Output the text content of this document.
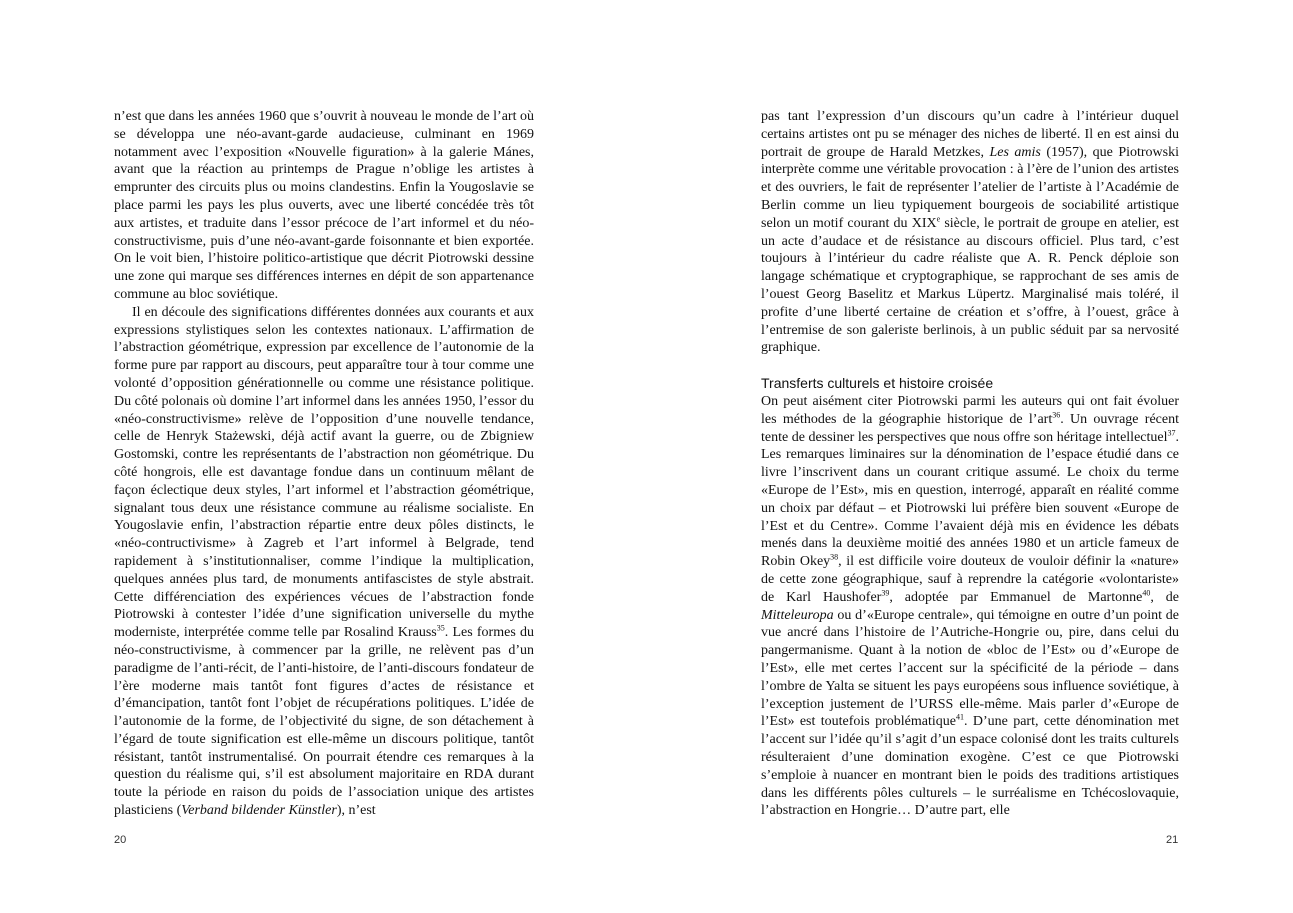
n’est que dans les années 1960 que s’ouvrit à nouveau le monde de l’art où se développa une néo-avant-garde audacieuse, culminant en 1969 notamment avec l’exposition «Nouvelle figuration» à la galerie Mánes, avant que la réaction au printemps de Prague n’oblige les artistes à emprunter des circuits plus ou moins clandestins. Enfin la Yougoslavie se place parmi les pays les plus ouverts, avec une liberté concédée très tôt aux artistes, et traduite dans l’essor précoce de l’art informel et du néo-constructivisme, puis d’une néo-avant-garde foisonnante et bien exportée. On le voit bien, l’histoire politico-artistique que décrit Piotrowski dessine une zone qui marque ses différences internes en dépit de son appartenance commune au bloc soviétique.

Il en découle des significations différentes données aux courants et aux expressions stylistiques selon les contextes nationaux. L’affirmation de l’abstraction géométrique, expression par excellence de l’autonomie de la forme pure par rapport au discours, peut apparaître tour à tour comme une volonté d’opposition générationnelle ou comme une résistance politique. Du côté polonais où domine l’art informel dans les années 1950, l’essor du «néo-constructivisme» relève de l’opposition d’une nouvelle tendance, celle de Henryk Stażewski, déjà actif avant la guerre, ou de Zbigniew Gostomski, contre les représentants de l’abstraction non géométrique. Du côté hongrois, elle est davantage fondue dans un continuum mêlant de façon éclectique deux styles, l’art informel et l’abstraction géométrique, signalant tous deux une résistance commune au réalisme socialiste. En Yougoslavie enfin, l’abstraction répartie entre deux pôles distincts, le «néo-contructivisme» à Zagreb et l’art informel à Belgrade, tend rapidement à s’institutionnaliser, comme l’indique la multiplication, quelques années plus tard, de monuments antifascistes de style abstrait. Cette différenciation des expériences vécues de l’abstraction fonde Piotrowski à contester l’idée d’une signification universelle du mythe moderniste, interprétée comme telle par Rosalind Krauss$^{35}$. Les formes du néo-constructivisme, à commencer par la grille, ne relèvent pas d’un paradigme de l’anti-récit, de l’anti-histoire, de l’anti-discours fondateur de l’ère moderne mais tantôt font figures d’actes de résistance et d’émancipation, tantôt font l’objet de récupérations politiques. L’idée de l’autonomie de la forme, de l’objectivité du signe, de son détachement à l’égard de toute signification est elle-même un discours politique, tantôt résistant, tantôt instrumentalisé. On pourrait étendre ces remarques à la question du réalisme qui, s’il est absolument majoritaire en RDA durant toute la période en raison du poids de l’association unique des artistes plasticiens (Verband bildender Künstler), n’est

20

pas tant l’expression d’un discours qu’un cadre à l’intérieur duquel certains artistes ont pu se ménager des niches de liberté. Il en est ainsi du portrait de groupe de Harald Metzkes, Les amis (1957), que Piotrowski interprète comme une véritable provocation : à l’ère de l’union des artistes et des ouvriers, le fait de représenter l’atelier de l’artiste à l’Académie de Berlin comme un lieu typiquement bourgeois de sociabilité artistique selon un motif courant du XIXe siècle, le portrait de groupe en atelier, est un acte d’audace et de résistance au discours officiel. Plus tard, c’est toujours à l’intérieur du cadre réaliste que A. R. Penck déploie son langage schématique et cryptographique, se rapprochant de ses amis de l’ouest Georg Baselitz et Markus Lüpertz. Marginalisé mais toléré, il profite d’une liberté certaine de création et s’offre, à l’ouest, grâce à l’entremise de son galeriste berlinois, à un public séduit par sa nervosité graphique.

Transferts culturels et histoire croisée

On peut aisément citer Piotrowski parmi les auteurs qui ont fait évoluer les méthodes de la géographie historique de l’art$^{36}$. Un ouvrage récent tente de dessiner les perspectives que nous offre son héritage intellectuel$^{37}$. Les remarques liminaires sur la dénomination de l’espace étudié dans ce livre l’inscrivent dans un courant critique assumé. Le choix du terme «Europe de l’Est», mis en question, interrogé, apparaît en réalité comme un choix par défaut – et Piotrowski lui préfère bien souvent «Europe de l’Est et du Centre». Comme l’avaient déjà mis en évidence les débats menés dans la deuxième moitié des années 1980 et un article fameux de Robin Okey$^{38}$, il est difficile voire douteux de vouloir définir la «nature» de cette zone géographique, sauf à reprendre la catégorie «volontariste» de Karl Haushofer$^{39}$, adoptée par Emmanuel de Martonne$^{40}$, de Mitteleuropa ou d’«Europe centrale», qui témoigne en outre d’un point de vue ancré dans l’histoire de l’Autriche-Hongrie ou, pire, dans celui du pangermanisme. Quant à la notion de «bloc de l’Est» ou d’«Europe de l’Est», elle met certes l’accent sur la spécificité de la période – dans l’ombre de Yalta se situent les pays européens sous influence soviétique, à l’exception justement de l’URSS elle-même. Mais parler d’«Europe de l’Est» est toutefois problématique$^{41}$. D’une part, cette dénomination met l’accent sur l’idée qu’il s’agit d’un espace colonisé dont les traits culturels résulteraient d’une domination exogène. C’est ce que Piotrowski s’emploie à nuancer en montrant bien le poids des traditions artistiques dans les différents pôles culturels – le surréalisme en Tchécoslovaquie, l’abstraction en Hongrie… D’autre part, elle

21
